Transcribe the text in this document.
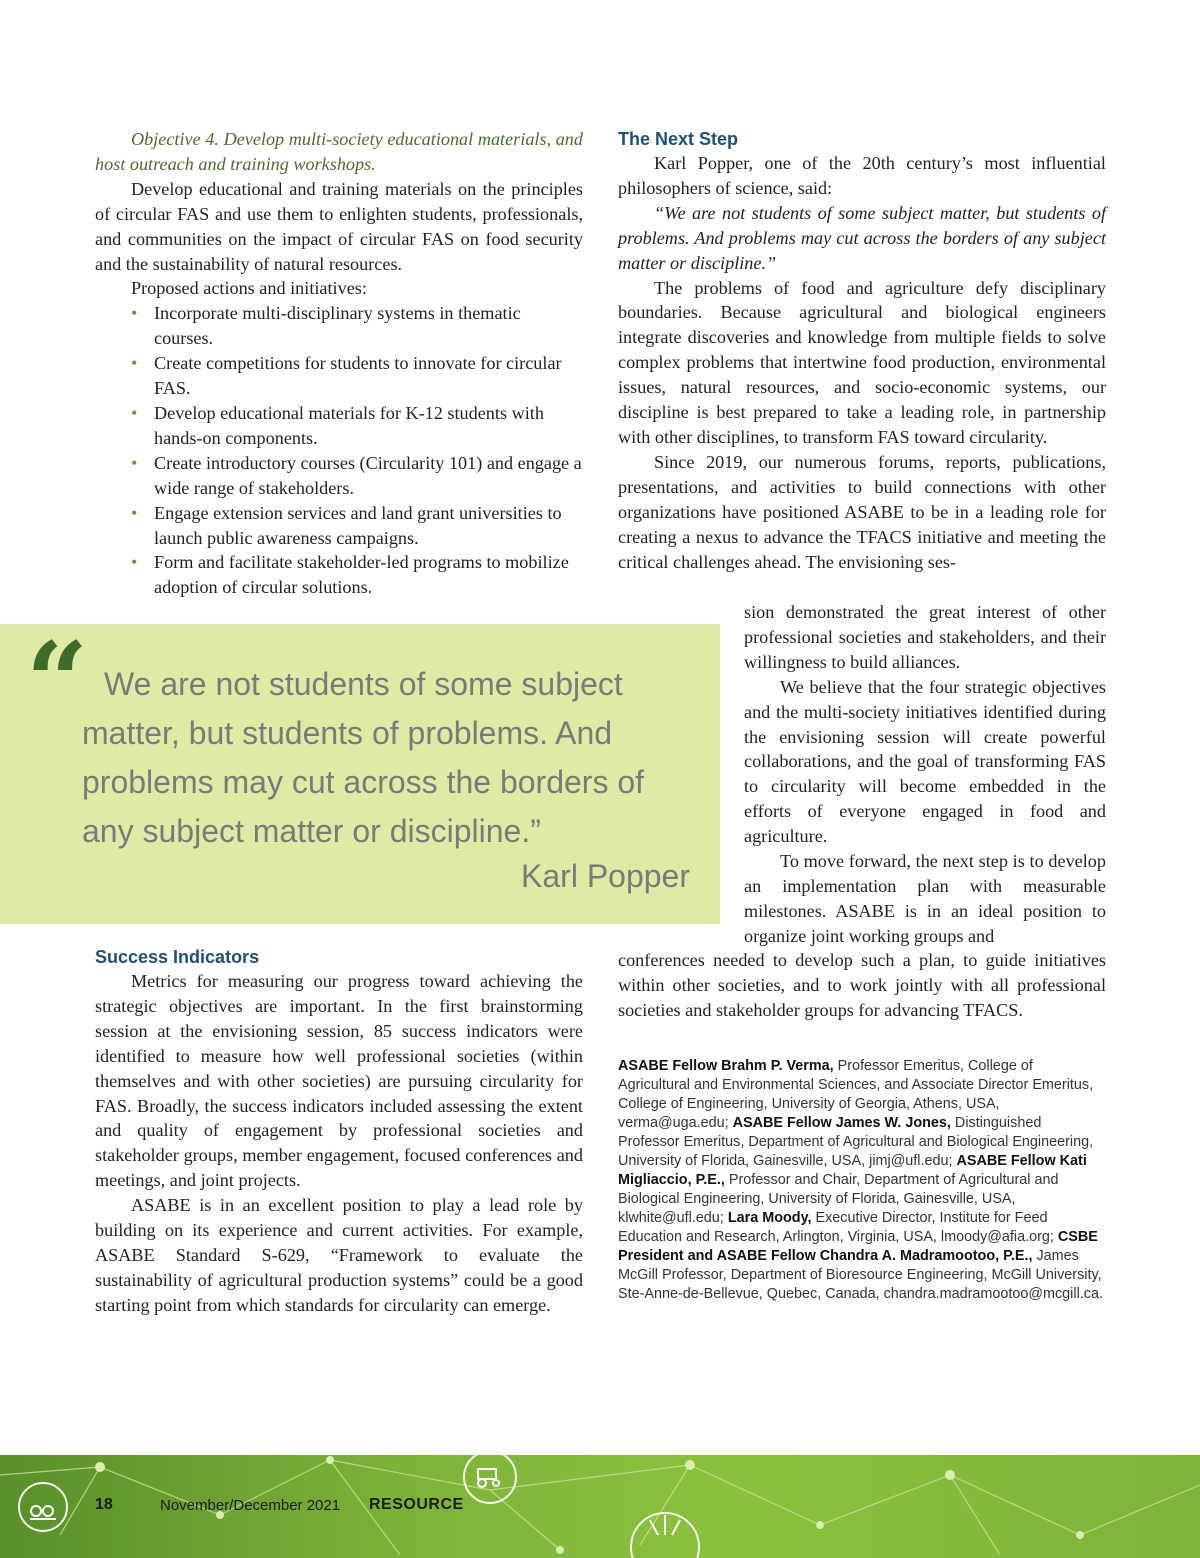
Objective 4. Develop multi-society educational materials, and host outreach and training workshops.

Develop educational and training materials on the principles of circular FAS and use them to enlighten students, professionals, and communities on the impact of circular FAS on food security and the sustainability of natural resources.

Proposed actions and initiatives:

• Incorporate multi-disciplinary systems in thematic courses.
• Create competitions for students to innovate for circular FAS.
• Develop educational materials for K-12 students with hands-on components.
• Create introductory courses (Circularity 101) and engage a wide range of stakeholders.
• Engage extension services and land grant universities to launch public awareness campaigns.
• Form and facilitate stakeholder-led programs to mobilize adoption of circular solutions.
“ We are not students of some subject matter, but students of problems. And problems may cut across the borders of any subject matter or discipline.”
Karl Popper
Success Indicators

Metrics for measuring our progress toward achieving the strategic objectives are important. In the first brainstorming session at the envisioning session, 85 success indicators were identified to measure how well professional societies (within themselves and with other societies) are pursuing circularity for FAS. Broadly, the success indicators included assessing the extent and quality of engagement by professional societies and stakeholder groups, member engagement, focused conferences and meetings, and joint projects.

ASABE is in an excellent position to play a lead role by building on its experience and current activities. For example, ASABE Standard S-629, “Framework to evaluate the sustainability of agricultural production systems” could be a good starting point from which standards for circularity can emerge.

The Next Step

Karl Popper, one of the 20th century’s most influential philosophers of science, said:

“We are not students of some subject matter, but students of problems. And problems may cut across the borders of any subject matter or discipline.”

The problems of food and agriculture defy disciplinary boundaries. Because agricultural and biological engineers integrate discoveries and knowledge from multiple fields to solve complex problems that intertwine food production, environmental issues, natural resources, and socio-economic systems, our discipline is best prepared to take a leading role, in partnership with other disciplines, to transform FAS toward circularity.

Since 2019, our numerous forums, reports, publications, presentations, and activities to build connections with other organizations have positioned ASABE to be in a leading role for creating a nexus to advance the TFACS initiative and meeting the critical challenges ahead. The envisioning ses-

sion demonstrated the great interest of other professional societies and stakeholders, and their willingness to build alliances.

We believe that the four strategic objectives and the multi-society initiatives identified during the envisioning session will create powerful collaborations, and the goal of transforming FAS to circularity will become embedded in the efforts of everyone engaged in food and agriculture.

To move forward, the next step is to develop an implementation plan with measurable milestones. ASABE is in an ideal position to organize joint working groups and

conferences needed to develop such a plan, to guide initiatives within other societies, and to work jointly with all professional societies and stakeholder groups for advancing TFACS.

ASABE Fellow Brahm P. Verma, Professor Emeritus, College of Agricultural and Environmental Sciences, and Associate Director Emeritus, College of Engineering, University of Georgia, Athens, USA, verma@uga.edu; ASABE Fellow James W. Jones, Distinguished Professor Emeritus, Department of Agricultural and Biological Engineering, University of Florida, Gainesville, USA, jimj@ufl.edu; ASABE Fellow Kati Migliaccio, P.E., Professor and Chair, Department of Agricultural and Biological Engineering, University of Florida, Gainesville, USA, klwhite@ufl.edu; Lara Moody, Executive Director, Institute for Feed Education and Research, Arlington, Virginia, USA, lmoody@afia.org; CSBE President and ASABE Fellow Chandra A. Madramootoo, P.E., James McGill Professor, Department of Bioresource Engineering, McGill University, Ste-Anne-de-Bellevue, Quebec, Canada, chandra.madramootoo@mcgill.ca.
18	November/December 2021 RESOURCE
